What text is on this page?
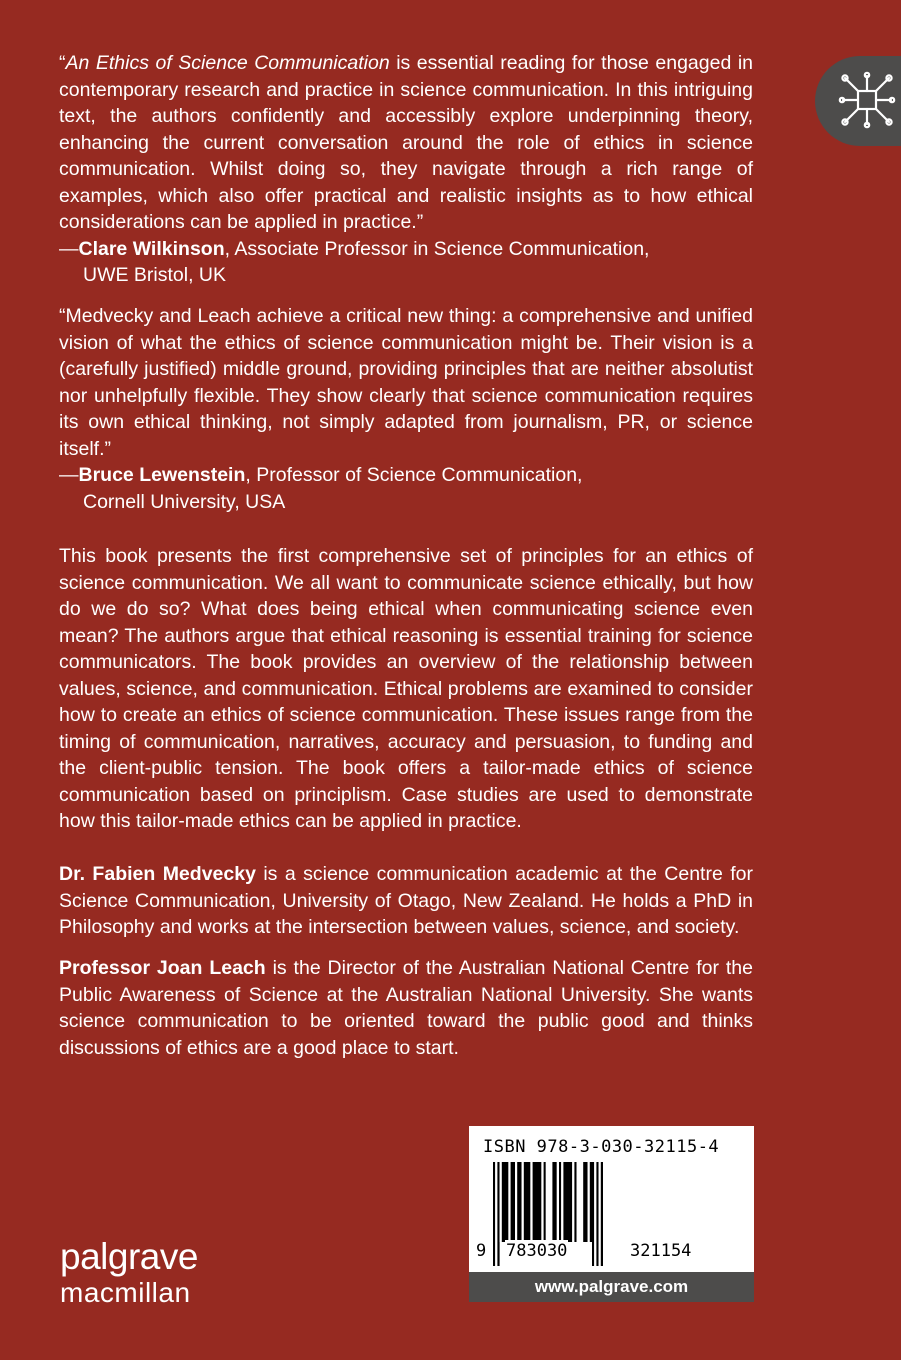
“An Ethics of Science Communication is essential reading for those engaged in contemporary research and practice in science communication. In this intriguing text, the authors confidently and accessibly explore underpinning theory, enhancing the current conversation around the role of ethics in science communication. Whilst doing so, they navigate through a rich range of examples, which also offer practical and realistic insights as to how ethical considerations can be applied in practice.”

—Clare Wilkinson, Associate Professor in Science Communication,
UWE Bristol, UK

“Medvecky and Leach achieve a critical new thing: a comprehensive and unified vision of what the ethics of science communication might be. Their vision is a (carefully justified) middle ground, providing principles that are neither absolutist nor unhelpfully flexible. They show clearly that science communication requires its own ethical thinking, not simply adapted from journalism, PR, or science itself.”

—Bruce Lewenstein, Professor of Science Communication,
Cornell University, USA

This book presents the first comprehensive set of principles for an ethics of science communication. We all want to communicate science ethically, but how do we do so? What does being ethical when communicating science even mean? The authors argue that ethical reasoning is essential training for science communicators. The book provides an overview of the relationship between values, science, and communication. Ethical problems are examined to consider how to create an ethics of science communication. These issues range from the timing of communication, narratives, accuracy and persuasion, to funding and the client-public tension. The book offers a tailor-made ethics of science communication based on principlism. Case studies are used to demonstrate how this tailor-made ethics can be applied in practice.

Dr. Fabien Medvecky is a science communication academic at the Centre for Science Communication, University of Otago, New Zealand. He holds a PhD in Philosophy and works at the intersection between values, science, and society.

Professor Joan Leach is the Director of the Australian National Centre for the Public Awareness of Science at the Australian National University. She wants science communication to be oriented toward the public good and thinks discussions of ethics are a good place to start.

palgrave
macmillan
ISBN 978-3-030-32115-4
9 783030	321154
www.palgrave.com
